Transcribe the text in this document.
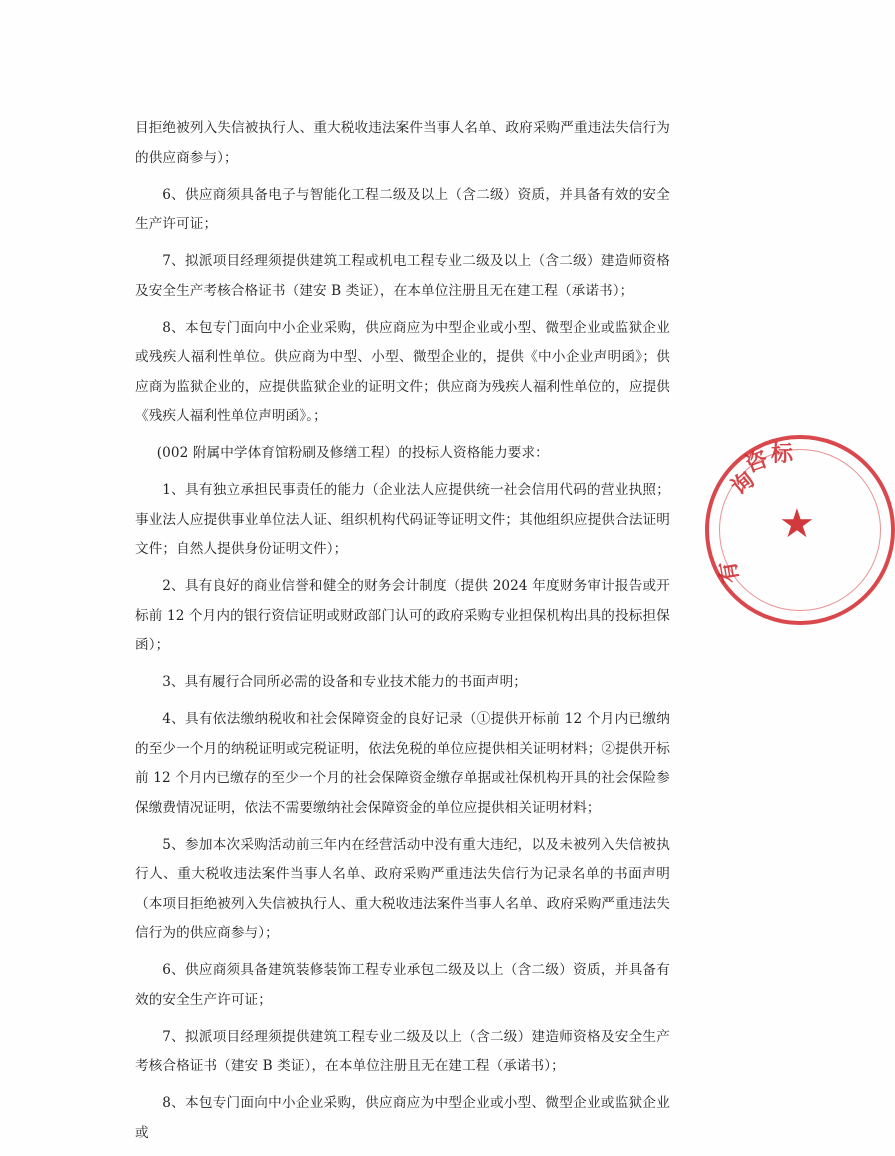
目拒绝被列入失信被执行人、重大税收违法案件当事人名单、政府采购严重违法失信行为的供应商参与）；

6、供应商须具备电子与智能化工程二级及以上（含二级）资质，并具备有效的安全生产许可证；

7、拟派项目经理须提供建筑工程或机电工程专业二级及以上（含二级）建造师资格及安全生产考核合格证书（建安 B 类证），在本单位注册且无在建工程（承诺书）；

8、本包专门面向中小企业采购，供应商应为中型企业或小型、微型企业或监狱企业或残疾人福利性单位。供应商为中型、小型、微型企业的，提供《中小企业声明函》；供应商为监狱企业的，应提供监狱企业的证明文件；供应商为残疾人福利性单位的，应提供《残疾人福利性单位声明函》。；

(002 附属中学体育馆粉刷及修缮工程）的投标人资格能力要求：

1、具有独立承担民事责任的能力（企业法人应提供统一社会信用代码的营业执照；事业法人应提供事业单位法人证、组织机构代码证等证明文件；其他组织应提供合法证明文件；自然人提供身份证明文件）；

2、具有良好的商业信誉和健全的财务会计制度（提供 2024 年度财务审计报告或开标前 12 个月内的银行资信证明或财政部门认可的政府采购专业担保机构出具的投标担保函）；

3、具有履行合同所必需的设备和专业技术能力的书面声明；

4、具有依法缴纳税收和社会保障资金的良好记录（①提供开标前 12 个月内已缴纳的至少一个月的纳税证明或完税证明，依法免税的单位应提供相关证明材料；②提供开标前 12 个月内已缴存的至少一个月的社会保障资金缴存单据或社保机构开具的社会保险参保缴费情况证明，依法不需要缴纳社会保障资金的单位应提供相关证明材料；

5、参加本次采购活动前三年内在经营活动中没有重大违纪，以及未被列入失信被执行人、重大税收违法案件当事人名单、政府采购严重违法失信行为记录名单的书面声明（本项目拒绝被列入失信被执行人、重大税收违法案件当事人名单、政府采购严重违法失信行为的供应商参与）；

6、供应商须具备建筑装修装饰工程专业承包二级及以上（含二级）资质，并具备有效的安全生产许可证；

7、拟派项目经理须提供建筑工程专业二级及以上（含二级）建造师资格及安全生产考核合格证书（建安 B 类证），在本单位注册且无在建工程（承诺书）；

8、本包专门面向中小企业采购，供应商应为中型企业或小型、微型企业或监狱企业或

★
询
咨 标
有
